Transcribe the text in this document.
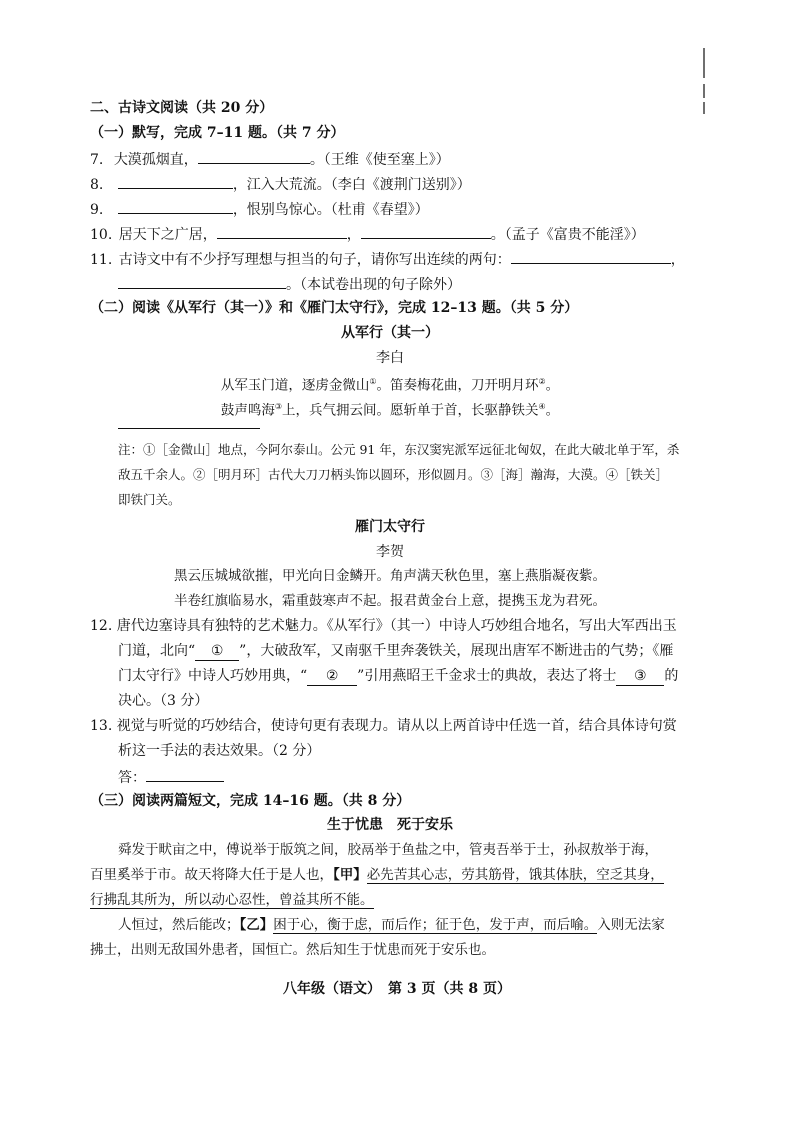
二、古诗文阅读（共 20 分）
（一）默写，完成 7–11 题。（共 7 分）
7. 大漠孤烟直，	。（王维《使至塞上》）
8.	，江入大荒流。（李白《渡荆门送别》）
9.	，恨别鸟惊心。（杜甫《春望》）
10. 居天下之广居，	，	。（孟子《富贵不能淫》）
11. 古诗文中有不少抒写理想与担当的句子，请你写出连续的两句：	，
。（本试卷出现的句子除外）
（二）阅读《从军行（其一）》和《雁门太守行》，完成 12–13 题。（共 5 分）
从军行（其一）
李白
从军玉门道，逐虏金微山①。笛奏梅花曲，刀开明月环②。
鼓声鸣海③上，兵气拥云间。愿斩单于首，长驱静铁关④。
注：①［金微山］地点，今阿尔泰山。公元 91 年，东汉窦宪派军远征北匈奴，在此大破北单于军，杀
敌五千余人。②［明月环］古代大刀刀柄头饰以圆环，形似圆月。③［海］瀚海，大漠。④［铁关］
即铁门关。
雁门太守行
李贺
黑云压城城欲摧，甲光向日金鳞开。角声满天秋色里，塞上燕脂凝夜紫。
半卷红旗临易水，霜重鼓寒声不起。报君黄金台上意，提携玉龙为君死。
12. 唐代边塞诗具有独特的艺术魅力。《从军行》（其一）中诗人巧妙组合地名，写出大军西出玉
门道，北向“ ① ”，大破敌军，又南驱千里奔袭铁关，展现出唐军不断进击的气势；《雁
门太守行》中诗人巧妙用典，“ ② ”引用燕昭王千金求士的典故，表达了将士 ③ 的
决心。（3 分）
13. 视觉与听觉的巧妙结合，使诗句更有表现力。请从以上两首诗中任选一首，结合具体诗句赏
析这一手法的表达效果。（2 分）
答：
（三）阅读两篇短文，完成 14–16 题。（共 8 分）
生于忧患　死于安乐
舜发于畎亩之中，傅说举于版筑之间，胶鬲举于鱼盐之中，管夷吾举于士，孙叔敖举于海，
百里奚举于市。故天将降大任于是人也，【甲】必先苦其心志，劳其筋骨，饿其体肤，空乏其身，
行拂乱其所为，所以动心忍性，曾益其所不能。
人恒过，然后能改；【乙】困于心，衡于虑，而后作；征于色，发于声，而后喻。入则无法家
拂士，出则无敌国外患者，国恒亡。然后知生于忧患而死于安乐也。
八年级（语文）　第 3 页（共 8 页）
